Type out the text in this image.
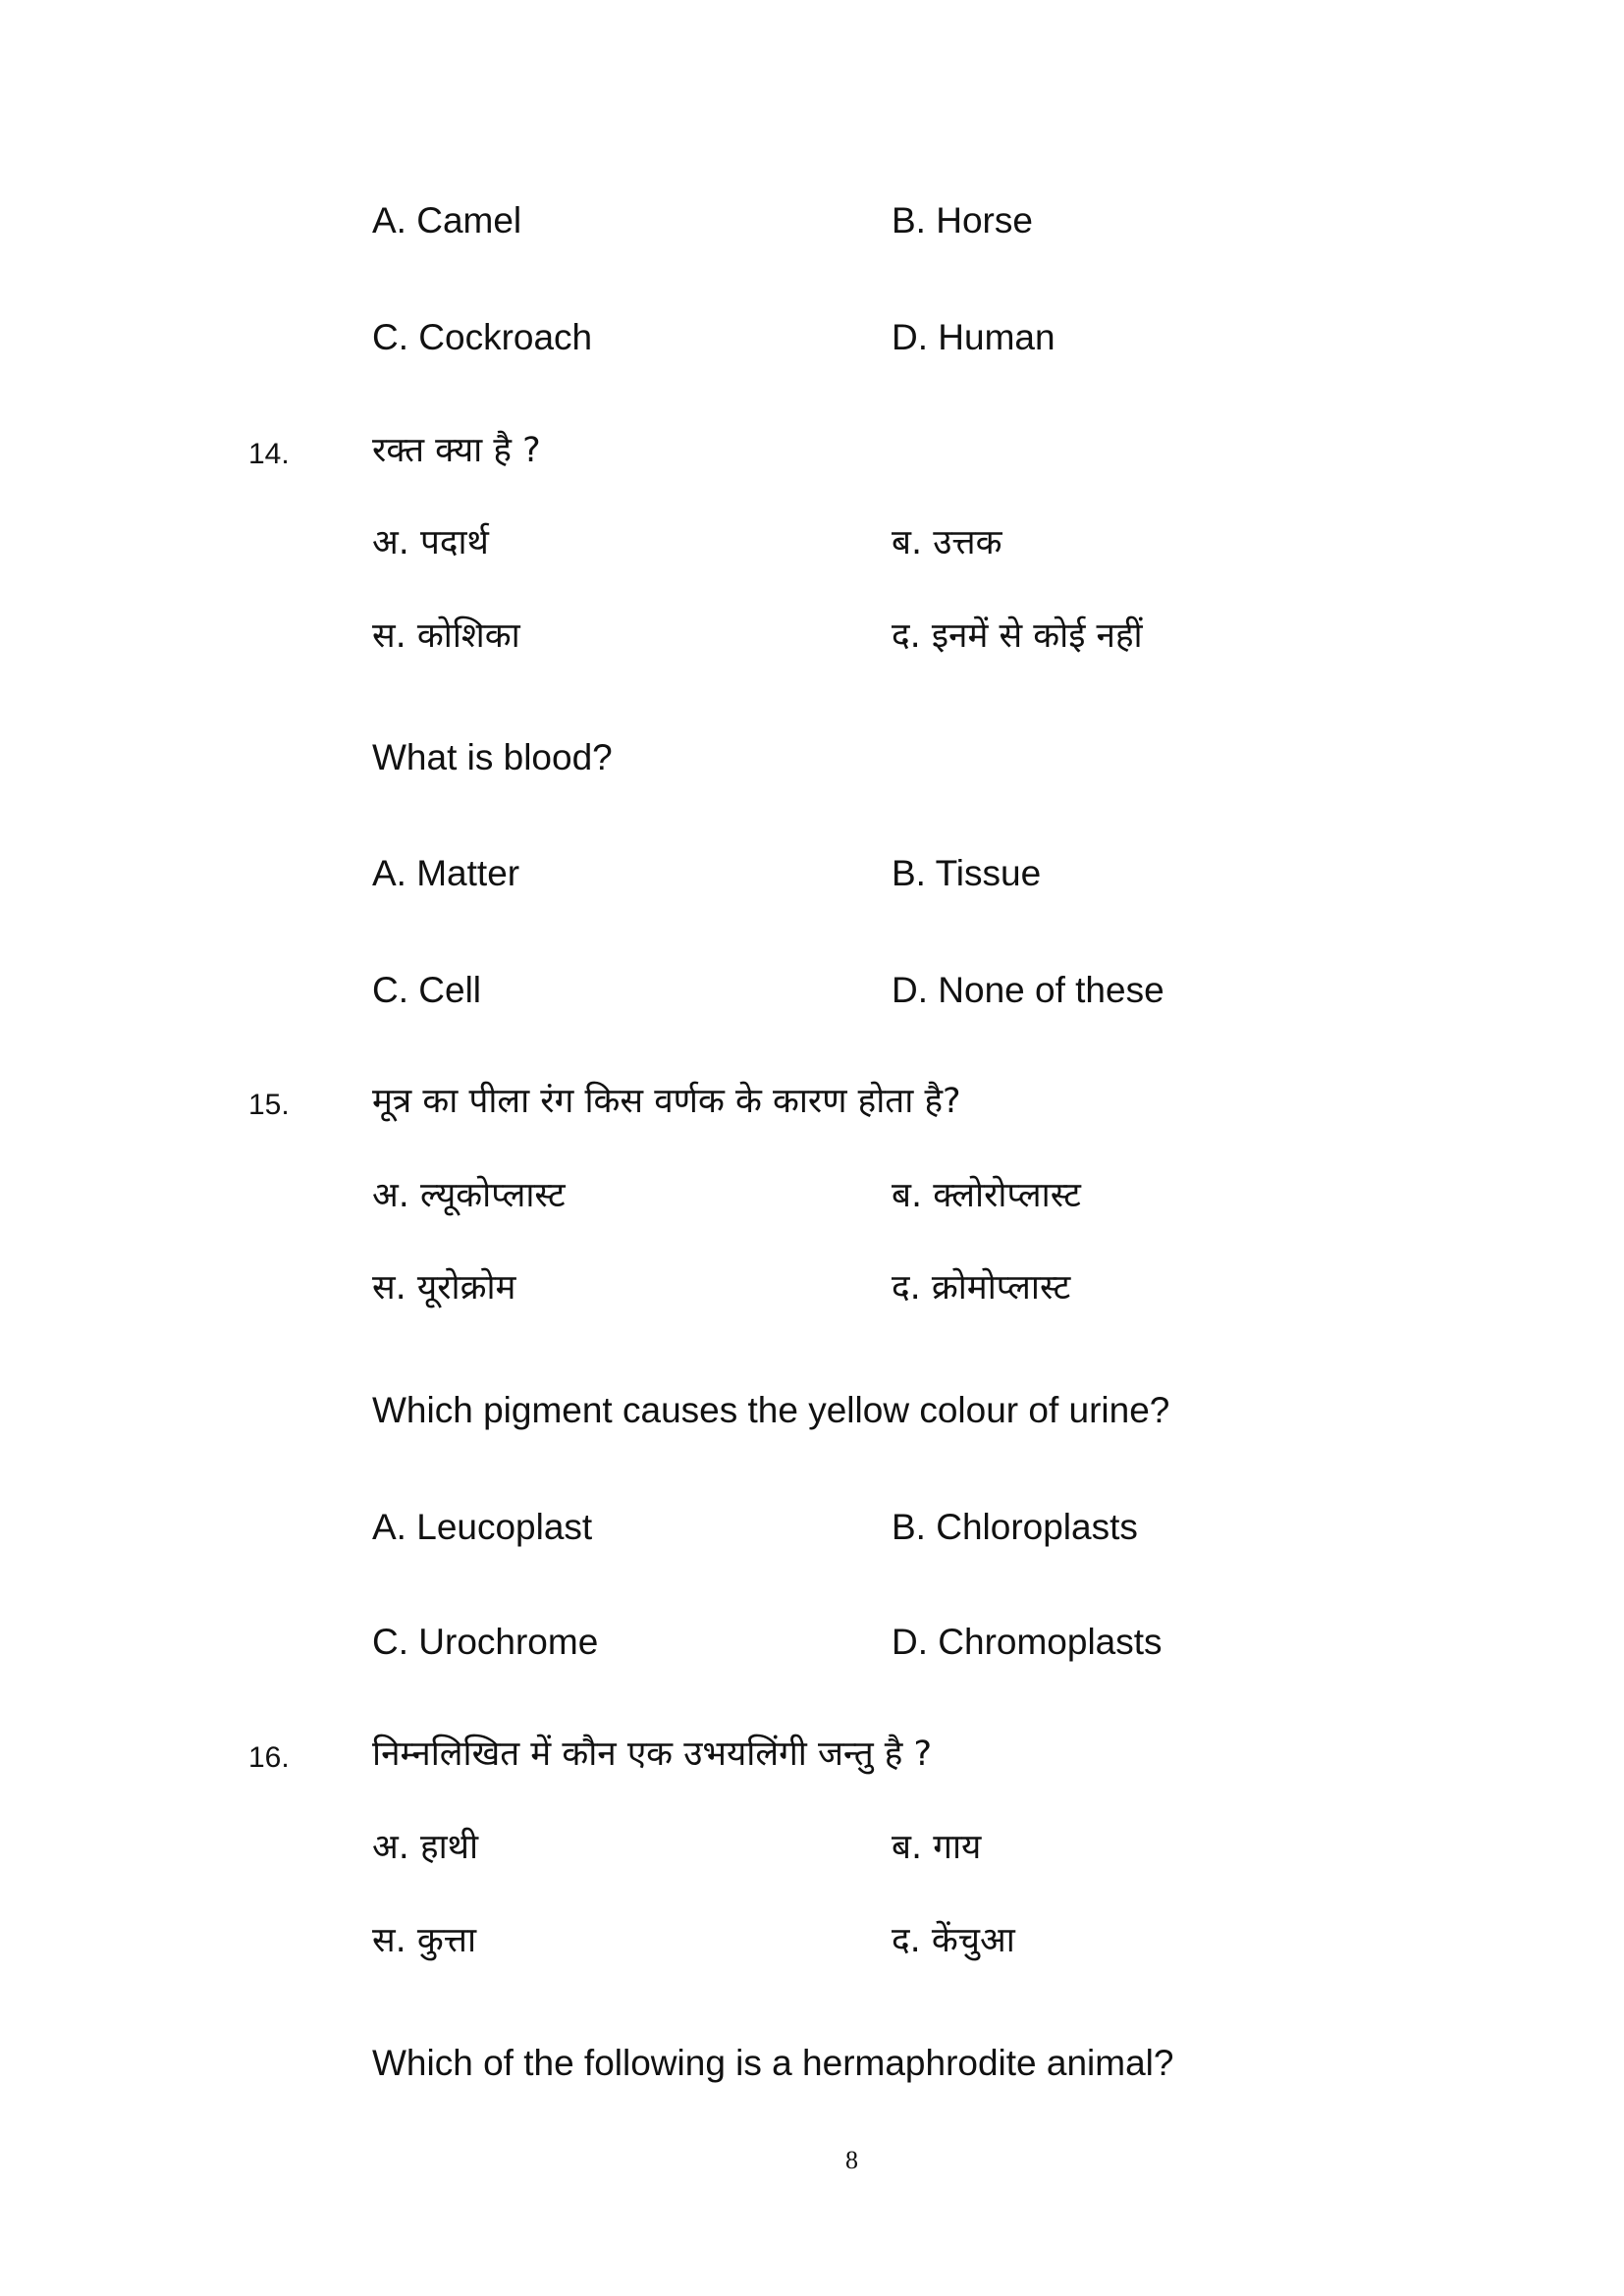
A. Camel	B. Horse
C. Cockroach	D. Human
14. रक्त क्या है ?
अ. पदार्थ	ब. उत्तक
स. कोशिका	द. इनमें से कोई नहीं
What is blood?
A. Matter	B. Tissue
C. Cell	D. None of these
15. मूत्र का पीला रंग किस वर्णक के कारण होता है?
अ. ल्यूकोप्लास्ट	ब. क्लोरोप्लास्ट
स. यूरोक्रोम	द. क्रोमोप्लास्ट
Which pigment causes the yellow colour of urine?
A. Leucoplast	B. Chloroplasts
C. Urochrome	D. Chromoplasts
16. निम्नलिखित में कौन एक उभयलिंगी जन्तु है ?
अ. हाथी	ब. गाय
स. कुत्ता	द. केंचुआ
Which of the following is a hermaphrodite animal?
8
